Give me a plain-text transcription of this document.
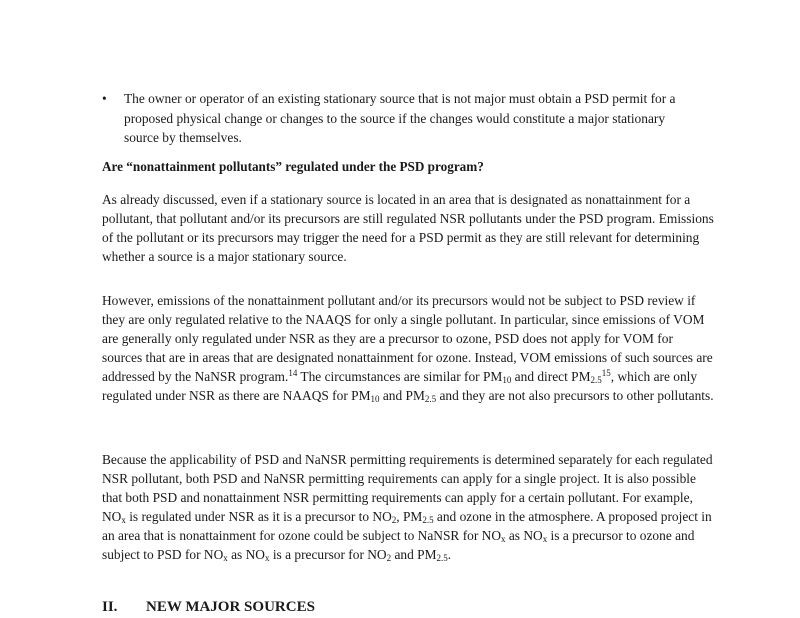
•	The owner or operator of an existing stationary source that is not major must obtain a PSD permit for a proposed physical change or changes to the source if the changes would constitute a major stationary source by themselves.
Are “nonattainment pollutants” regulated under the PSD program?

As already discussed, even if a stationary source is located in an area that is designated as nonattainment for a pollutant, that pollutant and/or its precursors are still regulated NSR pollutants under the PSD program. Emissions of the pollutant or its precursors may trigger the need for a PSD permit as they are still relevant for determining whether a source is a major stationary source.

However, emissions of the nonattainment pollutant and/or its precursors would not be subject to PSD review if they are only regulated relative to the NAAQS for only a single pollutant. In particular, since emissions of VOM are generally only regulated under NSR as they are a precursor to ozone, PSD does not apply for VOM for sources that are in areas that are designated nonattainment for ozone. Instead, VOM emissions of such sources are addressed by the NaNSR program.$^{14}$ The circumstances are similar for $PM_{10}$ and direct $PM_{2.5}^{15}$, which are only regulated under NSR as there are NAAQS for $PM_{10}$ and $PM_{2.5}$ and they are not also precursors to other pollutants.

Because the applicability of PSD and NaNSR permitting requirements is determined separately for each regulated NSR pollutant, both PSD and NaNSR permitting requirements can apply for a single project. It is also possible that both PSD and nonattainment NSR permitting requirements can apply for a certain pollutant. For example, $NO_x$ is regulated under NSR as it is a precursor to $NO_2$, $PM_{2.5}$ and ozone in the atmosphere. A proposed project in an area that is nonattainment for ozone could be subject to NaNSR for $NO_x$ as $NO_x$ is a precursor to ozone and subject to PSD for $NO_x$ as $NO_x$ is a precursor for $NO_2$ and $PM_{2.5}$.

II. NEW MAJOR SOURCES
